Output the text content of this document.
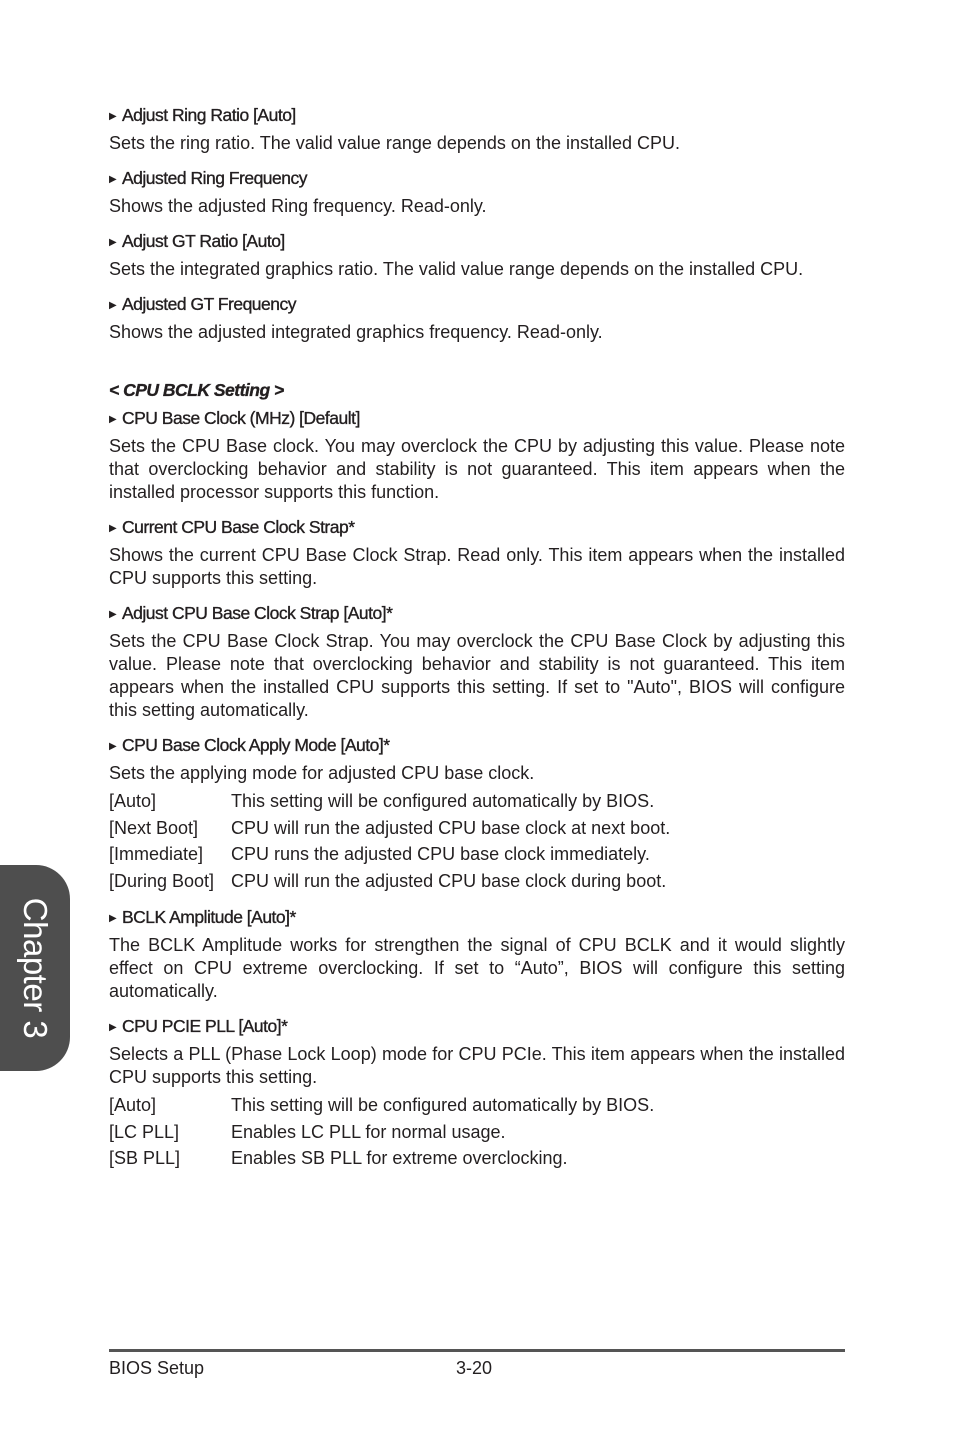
▶ Adjust Ring Ratio [Auto]

Sets the ring ratio. The valid value range depends on the installed CPU.

▶ Adjusted Ring Frequency

Shows the adjusted Ring frequency. Read-only.

▶ Adjust GT Ratio [Auto]

Sets the integrated graphics ratio. The valid value range depends on the installed CPU.

▶ Adjusted GT Frequency

Shows the adjusted integrated graphics frequency. Read-only.

< CPU BCLK Setting >
▶ CPU Base Clock (MHz) [Default]

Sets the CPU Base clock. You may overclock the CPU by adjusting this value. Please note that overclocking behavior and stability is not guaranteed. This item appears when the installed processor supports this function.

▶ Current CPU Base Clock Strap*

Shows the current CPU Base Clock Strap. Read only. This item appears when the installed CPU supports this setting.

▶ Adjust CPU Base Clock Strap [Auto]*

Sets the CPU Base Clock Strap. You may overclock the CPU Base Clock by adjusting this value. Please note that overclocking behavior and stability is not guaranteed. This item appears when the installed CPU supports this setting. If set to "Auto", BIOS will configure this setting automatically.

▶ CPU Base Clock Apply Mode [Auto]*

Sets the applying mode for adjusted CPU base clock.

[Auto]	This setting will be configured automatically by BIOS.
[Next Boot]	CPU will run the adjusted CPU base clock at next boot.
[Immediate]	CPU runs the adjusted CPU base clock immediately.
[During Boot]	CPU will run the adjusted CPU base clock during boot.
▶ BCLK Amplitude [Auto]*

The BCLK Amplitude works for strengthen the signal of CPU BCLK and it would slightly effect on CPU extreme overclocking. If set to “Auto”, BIOS will configure this setting automatically.

▶ CPU PCIE PLL [Auto]*

Selects a PLL (Phase Lock Loop) mode for CPU PCIe. This item appears when the installed CPU supports this setting.

[Auto]	This setting will be configured automatically by BIOS.
[LC PLL]	Enables LC PLL for normal usage.
[SB PLL]	Enables SB PLL for extreme overclocking.
Chapter 3
BIOS Setup	3-20
